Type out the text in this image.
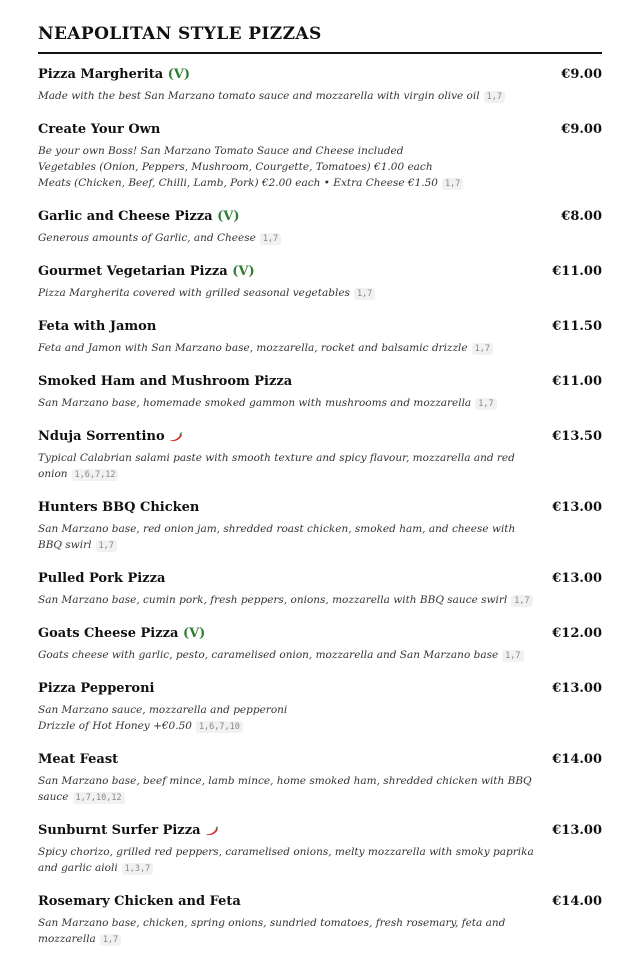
NEAPOLITAN STYLE PIZZAS
Pizza Margherita (V)	€9.00
Made with the best San Marzano tomato sauce and mozzarella with virgin olive oil 1,7
Create Your Own	€9.00
Be your own Boss! San Marzano Tomato Sauce and Cheese included
Vegetables (Onion, Peppers, Mushroom, Courgette, Tomatoes) €1.00 each
Meats (Chicken, Beef, Chilli, Lamb, Pork) €2.00 each • Extra Cheese €1.50 1,7
Garlic and Cheese Pizza (V)	€8.00
Generous amounts of Garlic, and Cheese 1,7
Gourmet Vegetarian Pizza (V)	€11.00
Pizza Margherita covered with grilled seasonal vegetables 1,7
Feta with Jamon	€11.50
Feta and Jamon with San Marzano base, mozzarella, rocket and balsamic drizzle 1,7
Smoked Ham and Mushroom Pizza	€11.00
San Marzano base, homemade smoked gammon with mushrooms and mozzarella 1,7
Nduja Sorrentino	€13.50
Typical Calabrian salami paste with smooth texture and spicy flavour, mozzarella and red onion 1,6,7,12
Hunters BBQ Chicken	€13.00
San Marzano base, red onion jam, shredded roast chicken, smoked ham, and cheese with BBQ swirl 1,7
Pulled Pork Pizza	€13.00
San Marzano base, cumin pork, fresh peppers, onions, mozzarella with BBQ sauce swirl 1,7
Goats Cheese Pizza (V)	€12.00
Goats cheese with garlic, pesto, caramelised onion, mozzarella and San Marzano base 1,7
Pizza Pepperoni	€13.00
San Marzano sauce, mozzarella and pepperoni
Drizzle of Hot Honey +€0.50 1,6,7,10
Meat Feast	€14.00
San Marzano base, beef mince, lamb mince, home smoked ham, shredded chicken with BBQ sauce 1,7,10,12
Sunburnt Surfer Pizza	€13.00
Spicy chorizo, grilled red peppers, caramelised onions, melty mozzarella with smoky paprika and garlic aioli 1,3,7
Rosemary Chicken and Feta	€14.00
San Marzano base, chicken, spring onions, sundried tomatoes, fresh rosemary, feta and mozzarella 1,7
